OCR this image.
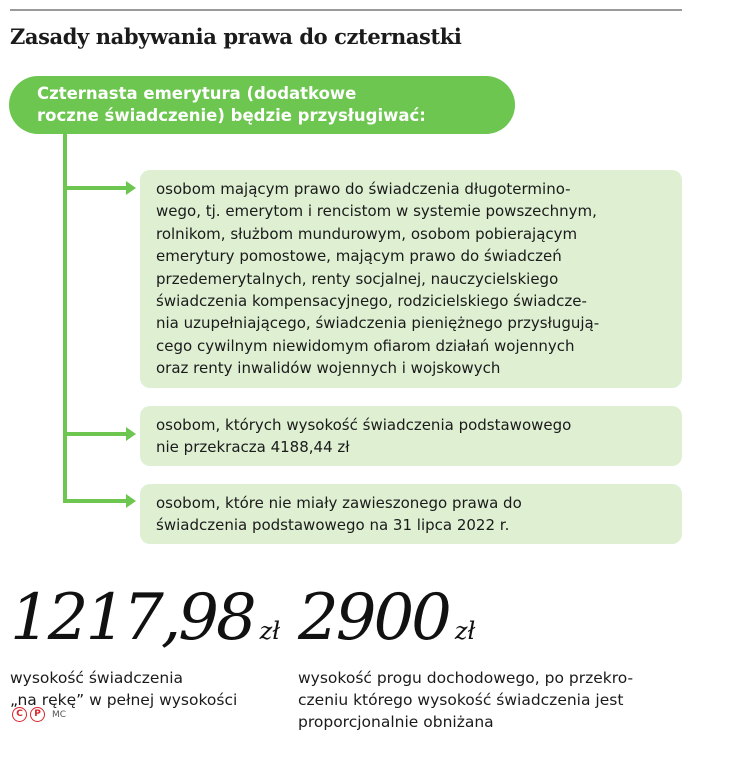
Zasady nabywania prawa do czternastki
Czternasta emerytura (dodatkowe
roczne świadczenie) będzie przysługiwać:
osobom mającym prawo do świadczenia długotermino-
wego, tj. emerytom i rencistom w systemie powszechnym,
rolnikom, służbom mundurowym, osobom pobierającym
emerytury pomostowe, mającym prawo do świadczeń
przedemerytalnych, renty socjalnej, nauczycielskiego
świadczenia kompensacyjnego, rodzicielskiego świadcze-
nia uzupełniającego, świadczenia pieniężnego przysługują-
cego cywilnym niewidomym ofiarom działań wojennych
oraz renty inwalidów wojennych i wojskowych
osobom, których wysokość świadczenia podstawowego
nie przekracza 4188,44 zł
osobom, które nie miały zawieszonego prawa do
świadczenia podstawowego na 31 lipca 2022 r.
1217,98 zł
wysokość świadczenia
„na rękę” w pełnej wysokości
2900 zł
wysokość progu dochodowego, po przekro-
czeniu którego wysokość świadczenia jest
proporcjonalnie obniżana
C	P	MC
